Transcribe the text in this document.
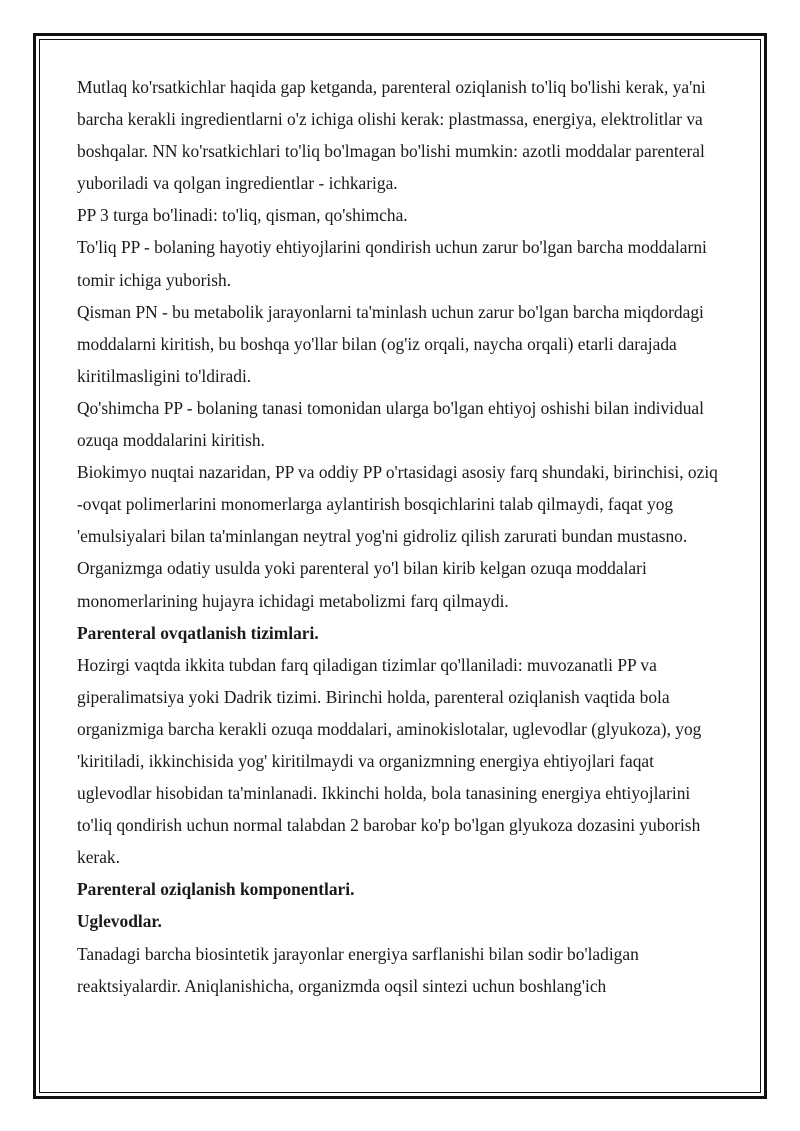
Mutlaq ko'rsatkichlar haqida gap ketganda, parenteral oziqlanish to'liq bo'lishi kerak, ya'ni barcha kerakli ingredientlarni o'z ichiga olishi kerak: plastmassa, energiya, elektrolitlar va boshqalar. NN ko'rsatkichlari to'liq bo'lmagan bo'lishi mumkin: azotli moddalar parenteral yuboriladi va qolgan ingredientlar - ichkariga.

PP 3 turga bo'linadi: to'liq, qisman, qo'shimcha.

To'liq PP - bolaning hayotiy ehtiyojlarini qondirish uchun zarur bo'lgan barcha moddalarni tomir ichiga yuborish.

Qisman PN - bu metabolik jarayonlarni ta'minlash uchun zarur bo'lgan barcha miqdordagi moddalarni kiritish, bu boshqa yo'llar bilan (og'iz orqali, naycha orqali) etarli darajada kiritilmasligini to'ldiradi.

Qo'shimcha PP - bolaning tanasi tomonidan ularga bo'lgan ehtiyoj oshishi bilan individual ozuqa moddalarini kiritish.

Biokimyo nuqtai nazaridan, PP va oddiy PP o'rtasidagi asosiy farq shundaki, birinchisi, oziq -ovqat polimerlarini monomerlarga aylantirish bosqichlarini talab qilmaydi, faqat yog 'emulsiyalari bilan ta'minlangan neytral yog'ni gidroliz qilish zarurati bundan mustasno. Organizmga odatiy usulda yoki parenteral yo'l bilan kirib kelgan ozuqa moddalari monomerlarining hujayra ichidagi metabolizmi farq qilmaydi.

Parenteral ovqatlanish tizimlari.

Hozirgi vaqtda ikkita tubdan farq qiladigan tizimlar qo'llaniladi: muvozanatli PP va giperalimatsiya yoki Dadrik tizimi. Birinchi holda, parenteral oziqlanish vaqtida bola organizmiga barcha kerakli ozuqa moddalari, aminokislotalar, uglevodlar (glyukoza), yog 'kiritiladi, ikkinchisida yog' kiritilmaydi va organizmning energiya ehtiyojlari faqat uglevodlar hisobidan ta'minlanadi. Ikkinchi holda, bola tanasining energiya ehtiyojlarini to'liq qondirish uchun normal talabdan 2 barobar ko'p bo'lgan glyukoza dozasini yuborish kerak.

Parenteral oziqlanish komponentlari.

Uglevodlar.

Tanadagi barcha biosintetik jarayonlar energiya sarflanishi bilan sodir bo'ladigan reaktsiyalardir. Aniqlanishicha, organizmda oqsil sintezi uchun boshlang'ich
